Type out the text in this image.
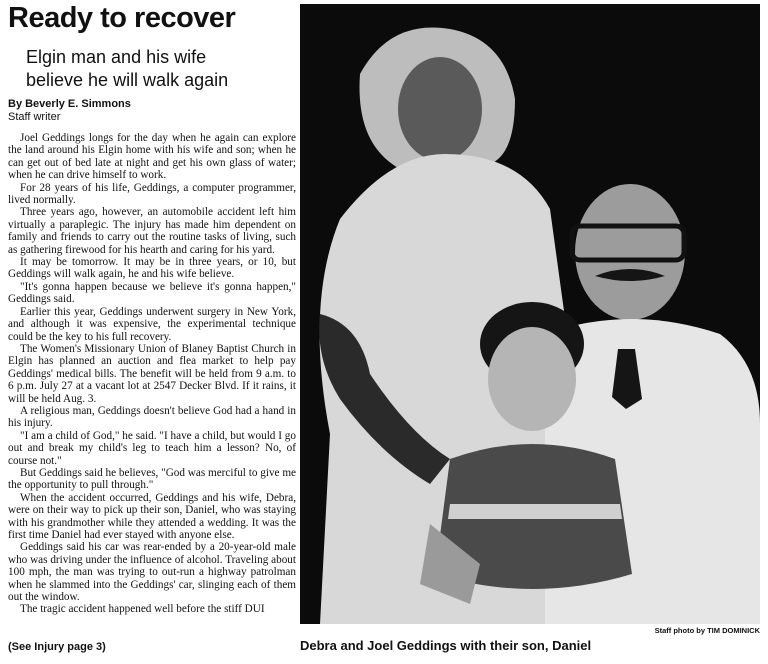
Ready to recover
Elgin man and his wife
believe he will walk again
By Beverly E. Simmons
Staff writer

Joel Geddings longs for the day when he again can explore the land around his Elgin home with his wife and son; when he can get out of bed late at night and get his own glass of water; when he can drive himself to work.

For 28 years of his life, Geddings, a computer programmer, lived normally.

Three years ago, however, an automobile accident left him virtually a paraplegic. The injury has made him dependent on family and friends to carry out the routine tasks of living, such as gathering firewood for his hearth and caring for his yard.

It may be tomorrow. It may be in three years, or 10, but Geddings will walk again, he and his wife believe.

"It's gonna happen because we believe it's gonna happen," Geddings said.

Earlier this year, Geddings underwent surgery in New York, and although it was expensive, the experimental technique could be the key to his full recovery.

The Women's Missionary Union of Blaney Baptist Church in Elgin has planned an auction and flea market to help pay Geddings' medical bills. The benefit will be held from 9 a.m. to 6 p.m. July 27 at a vacant lot at 2547 Decker Blvd. If it rains, it will be held Aug. 3.

A religious man, Geddings doesn't believe God had a hand in his injury.

"I am a child of God," he said. "I have a child, but would I go out and break my child's leg to teach him a lesson? No, of course not."

But Geddings said he believes, "God was merciful to give me the opportunity to pull through."

When the accident occurred, Geddings and his wife, Debra, were on their way to pick up their son, Daniel, who was staying with his grandmother while they attended a wedding. It was the first time Daniel had ever stayed with anyone else.

Geddings said his car was rear-ended by a 20-year-old male who was driving under the influence of alcohol. Traveling about 100 mph, the man was trying to out-run a highway patrolman when he slammed into the Geddings' car, slinging each of them out the window.

The tragic accident happened well before the stiff DUI

(See Injury page 3)
Staff photo by TIM DOMINICK
Debra and Joel Geddings with their son, Daniel
